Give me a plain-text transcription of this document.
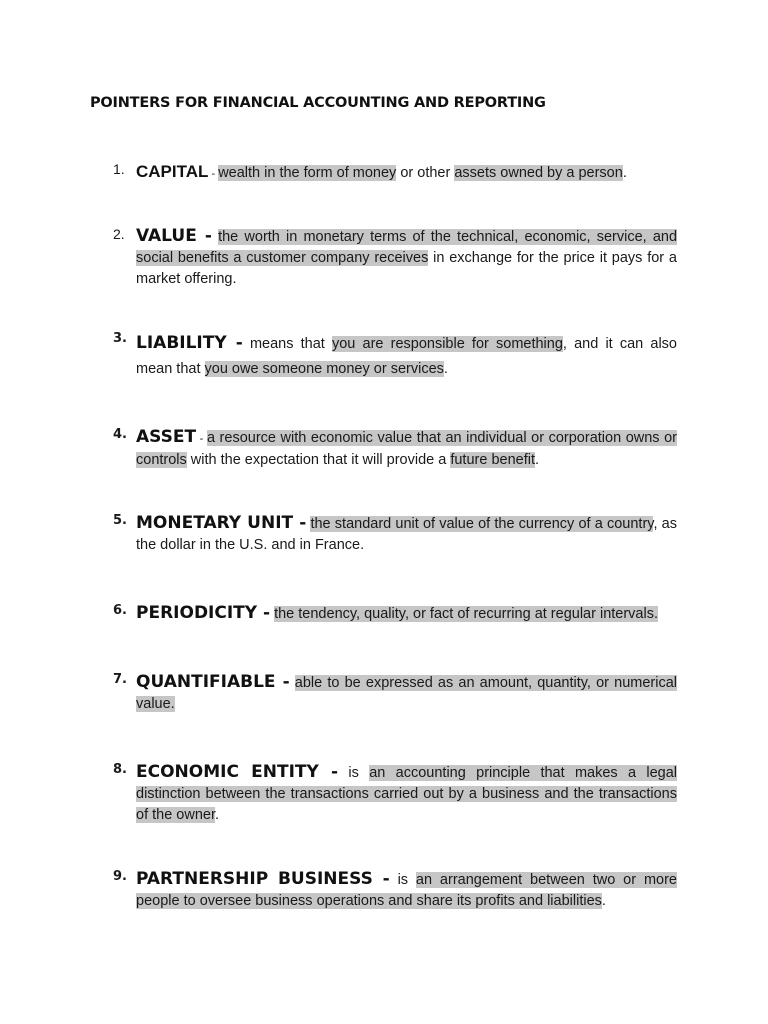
POINTERS FOR FINANCIAL ACCOUNTING AND REPORTING
1. CAPITAL - wealth in the form of money or other assets owned by a person.
2. VALUE - the worth in monetary terms of the technical, economic, service, and social benefits a customer company receives in exchange for the price it pays for a market offering.
3. LIABILITY - means that you are responsible for something, and it can also mean that you owe someone money or services.
4. ASSET - a resource with economic value that an individual or corporation owns or controls with the expectation that it will provide a future benefit.
5. MONETARY UNIT - the standard unit of value of the currency of a country, as the dollar in the U.S. and in France.
6. PERIODICITY - the tendency, quality, or fact of recurring at regular intervals.
7. QUANTIFIABLE - able to be expressed as an amount, quantity, or numerical value.
8. ECONOMIC ENTITY - is an accounting principle that makes a legal distinction between the transactions carried out by a business and the transactions of the owner.
9. PARTNERSHIP BUSINESS - is an arrangement between two or more people to oversee business operations and share its profits and liabilities.
